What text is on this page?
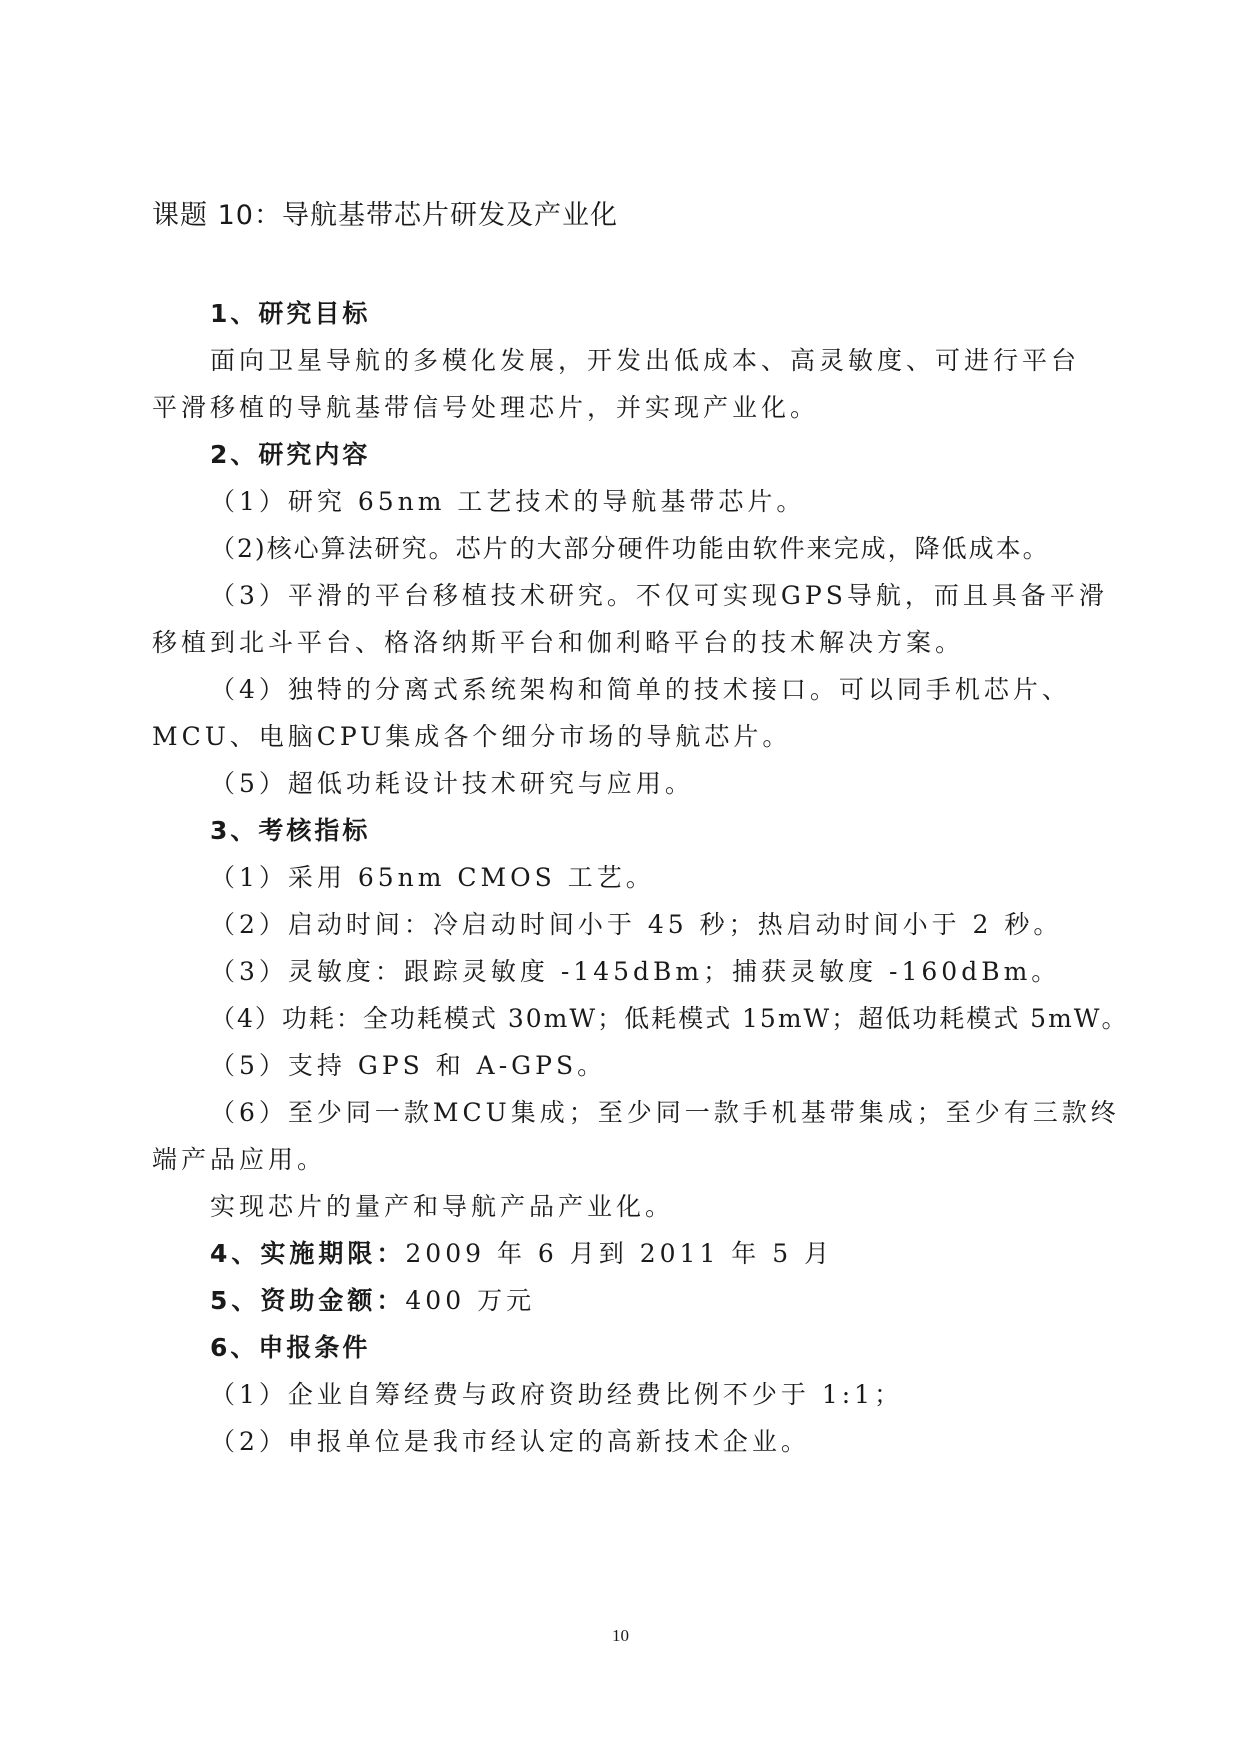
课题 10：导航基带芯片研发及产业化
1、研究目标
面向卫星导航的多模化发展，开发出低成本、高灵敏度、可进行平台
平滑移植的导航基带信号处理芯片，并实现产业化。
2、研究内容
（1）研究 65nm 工艺技术的导航基带芯片。
（2)核心算法研究。芯片的大部分硬件功能由软件来完成，降低成本。
（3）平滑的平台移植技术研究。不仅可实现GPS导航，而且具备平滑
移植到北斗平台、格洛纳斯平台和伽利略平台的技术解决方案。
（4）独特的分离式系统架构和简单的技术接口。可以同手机芯片、
MCU、电脑CPU集成各个细分市场的导航芯片。
（5）超低功耗设计技术研究与应用。
3、考核指标
（1）采用 65nm CMOS 工艺。
（2）启动时间：冷启动时间小于 45 秒；热启动时间小于 2 秒。
（3）灵敏度：跟踪灵敏度 -145dBm；捕获灵敏度 -160dBm。
（4）功耗：全功耗模式 30mW；低耗模式 15mW；超低功耗模式 5mW。
（5）支持 GPS 和 A-GPS。
（6）至少同一款MCU集成；至少同一款手机基带集成；至少有三款终
端产品应用。
实现芯片的量产和导航产品产业化。
4、实施期限：2009 年 6 月到 2011 年 5 月
5、资助金额：400 万元
6、申报条件
（1）企业自筹经费与政府资助经费比例不少于 1:1；
（2）申报单位是我市经认定的高新技术企业。
10
